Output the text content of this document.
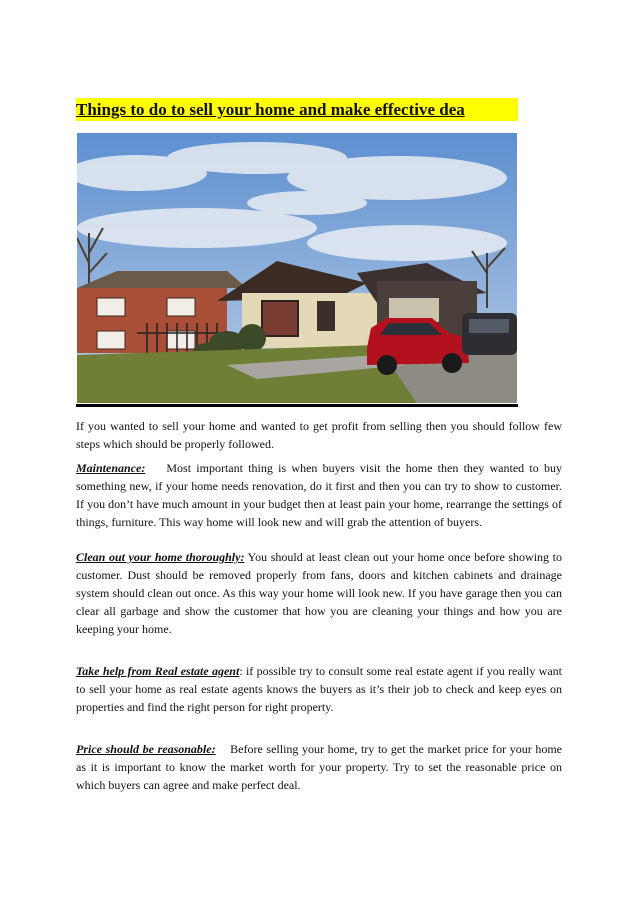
Things to do to sell your home and make effective dea

If you wanted to sell your home and wanted to get profit from selling then you should follow few steps which should be properly followed.

Maintenance: Most important thing is when buyers visit the home then they wanted to buy something new, if your home needs renovation, do it first and then you can try to show to customer. If you don’t have much amount in your budget then at least pain your home, rearrange the settings of things, furniture. This way home will look new and will grab the attention of buyers.

Clean out your home thoroughly: You should at least clean out your home once before showing to customer. Dust should be removed properly from fans, doors and kitchen cabinets and drainage system should clean out once. As this way your home will look new. If you have garage then you can clear all garbage and show the customer that how you are cleaning your things and how you are keeping your home.

Take help from Real estate agent: if possible try to consult some real estate agent if you really want to sell your home as real estate agents knows the buyers as it’s their job to check and keep eyes on properties and find the right person for right property.

Price should be reasonable: Before selling your home, try to get the market price for your home as it is important to know the market worth for your property. Try to set the reasonable price on which buyers can agree and make perfect deal.
